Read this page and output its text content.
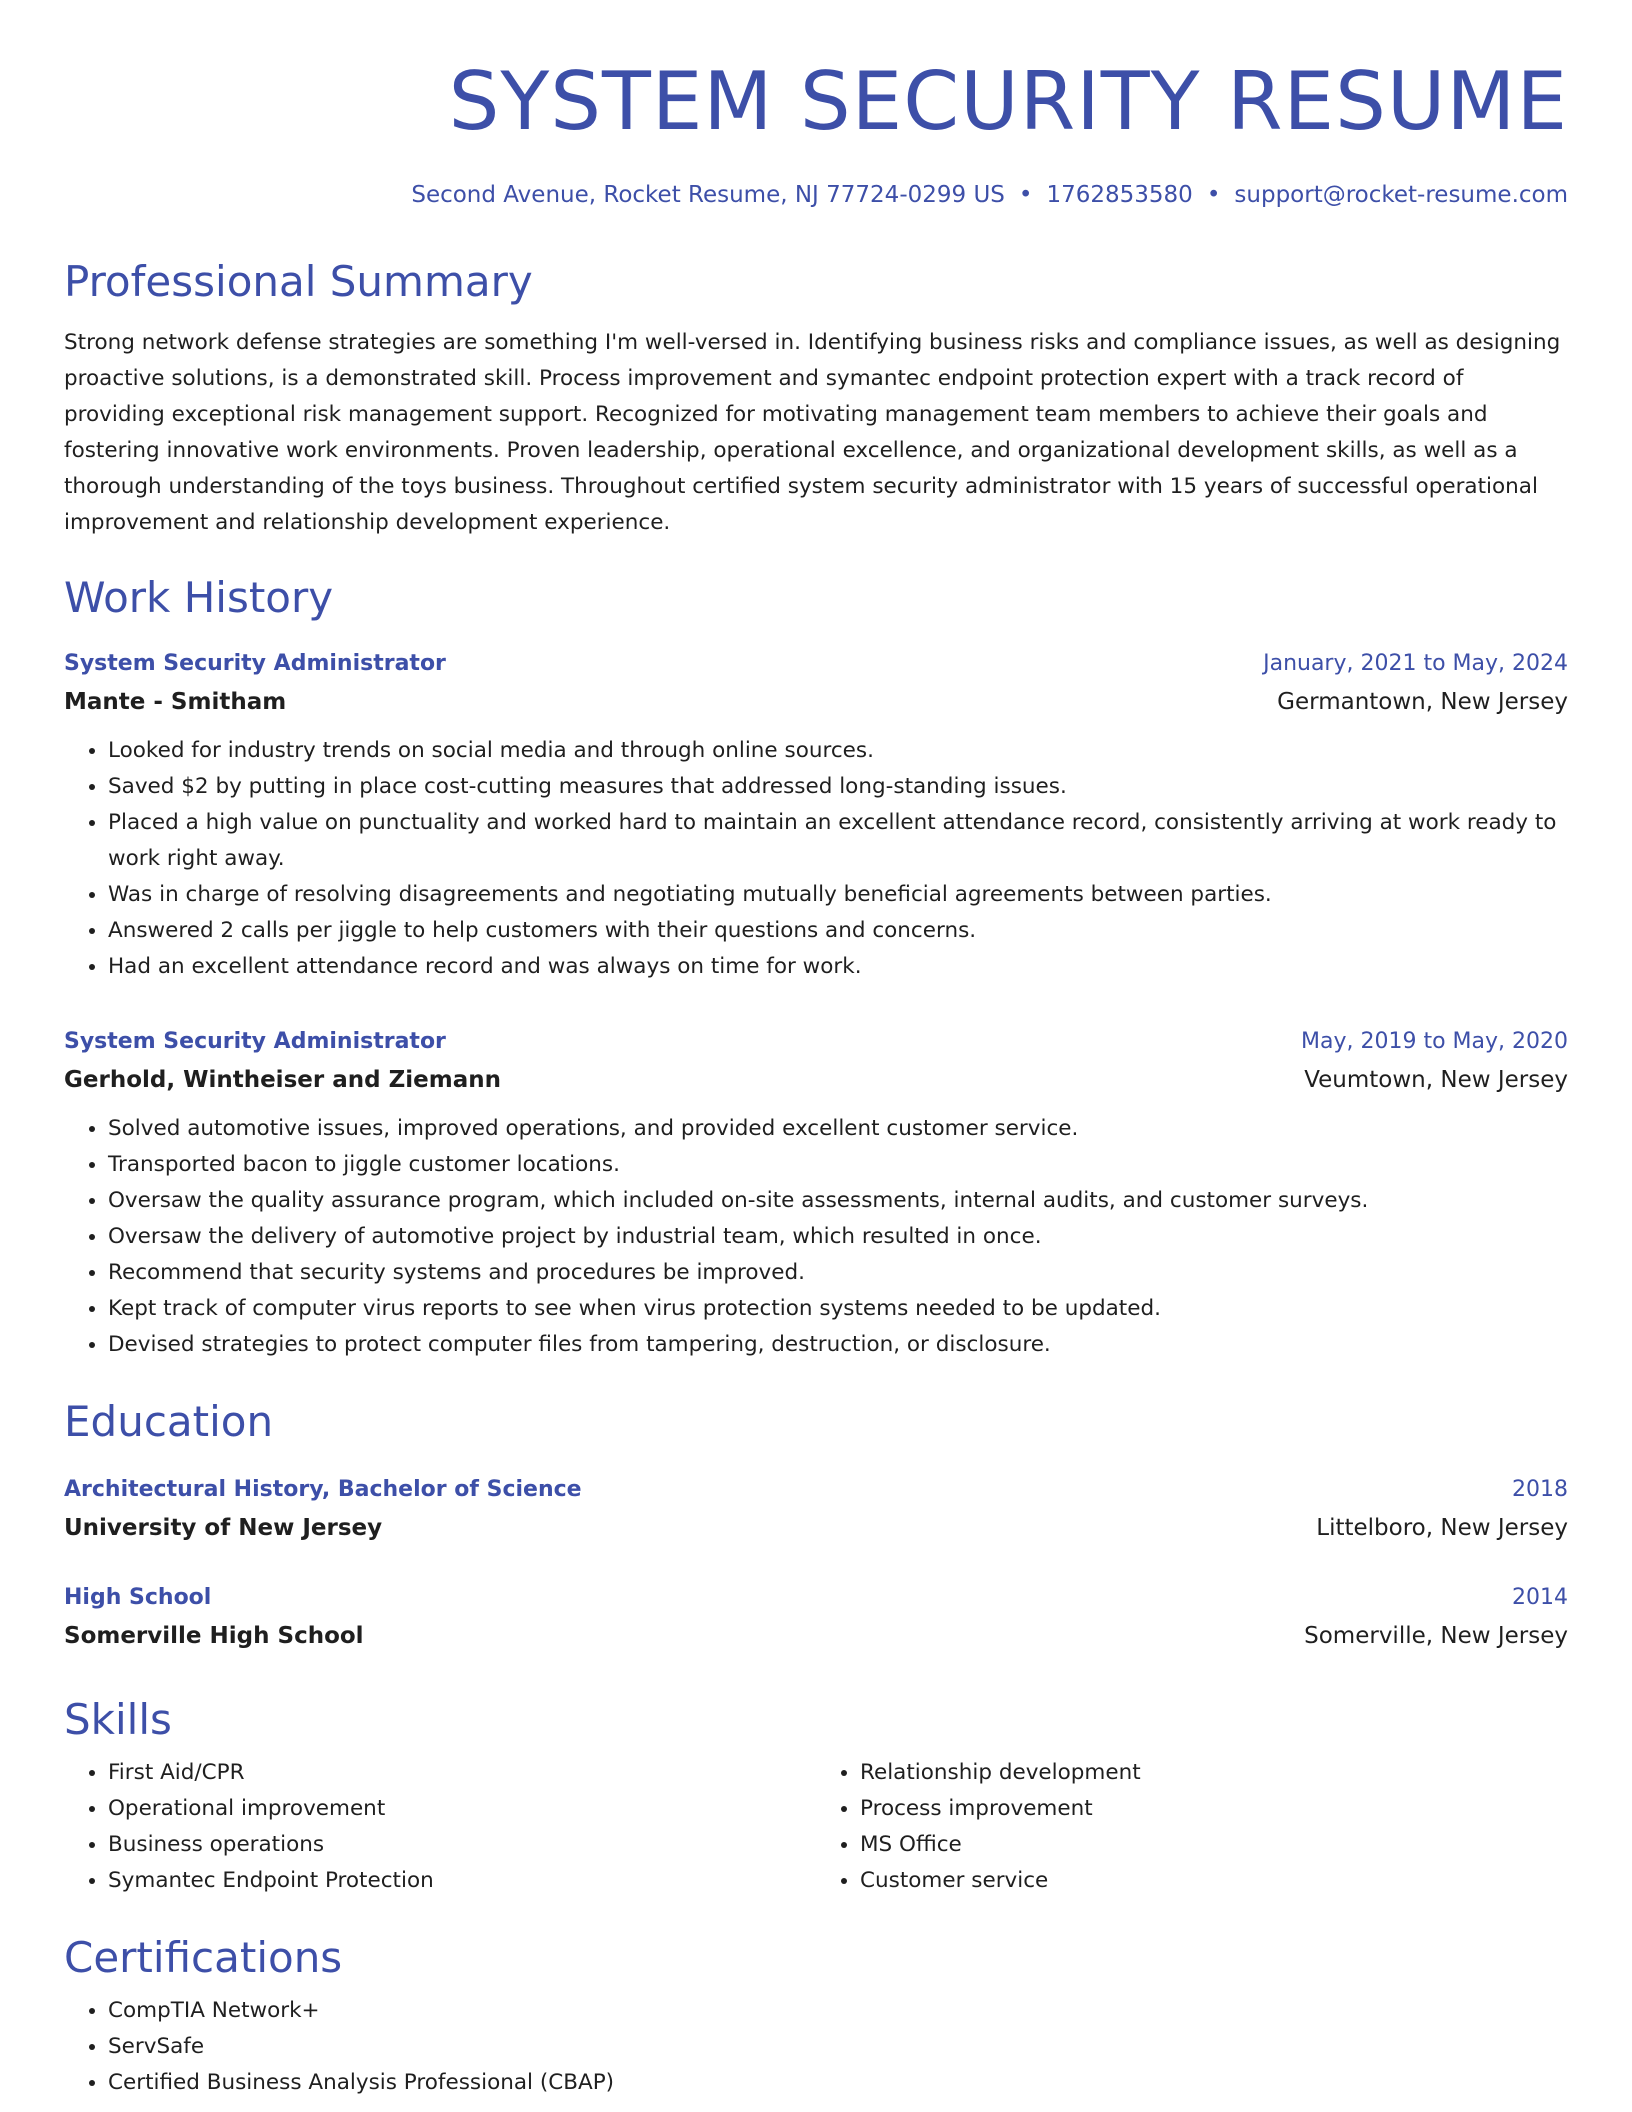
SYSTEM SECURITY RESUME
Second Avenue, Rocket Resume, NJ 77724-0299 US • 1762853580 • support@rocket-resume.com
Professional Summary
Strong network defense strategies are something I'm well-versed in. Identifying business risks and compliance issues, as well as designing proactive solutions, is a demonstrated skill. Process improvement and symantec endpoint protection expert with a track record of providing exceptional risk management support. Recognized for motivating management team members to achieve their goals and fostering innovative work environments. Proven leadership, operational excellence, and organizational development skills, as well as a thorough understanding of the toys business. Throughout certified system security administrator with 15 years of successful operational improvement and relationship development experience.
Work History
System Security Administrator	January, 2021 to May, 2024
Mante - Smitham	Germantown, New Jersey
• Looked for industry trends on social media and through online sources.
• Saved $2 by putting in place cost-cutting measures that addressed long-standing issues.
• Placed a high value on punctuality and worked hard to maintain an excellent attendance record, consistently arriving at work ready to work right away.
• Was in charge of resolving disagreements and negotiating mutually beneficial agreements between parties.
• Answered 2 calls per jiggle to help customers with their questions and concerns.
• Had an excellent attendance record and was always on time for work.
System Security Administrator	May, 2019 to May, 2020
Gerhold, Wintheiser and Ziemann	Veumtown, New Jersey
• Solved automotive issues, improved operations, and provided excellent customer service.
• Transported bacon to jiggle customer locations.
• Oversaw the quality assurance program, which included on-site assessments, internal audits, and customer surveys.
• Oversaw the delivery of automotive project by industrial team, which resulted in once.
• Recommend that security systems and procedures be improved.
• Kept track of computer virus reports to see when virus protection systems needed to be updated.
• Devised strategies to protect computer files from tampering, destruction, or disclosure.
Education
Architectural History, Bachelor of Science	2018
University of New Jersey	Littelboro, New Jersey
High School	2014
Somerville High School	Somerville, New Jersey
Skills
• First Aid/CPR
• Operational improvement
• Business operations
• Symantec Endpoint Protection
• Relationship development
• Process improvement
• MS Office
• Customer service
Certifications
• CompTIA Network+
• ServSafe
• Certified Business Analysis Professional (CBAP)
